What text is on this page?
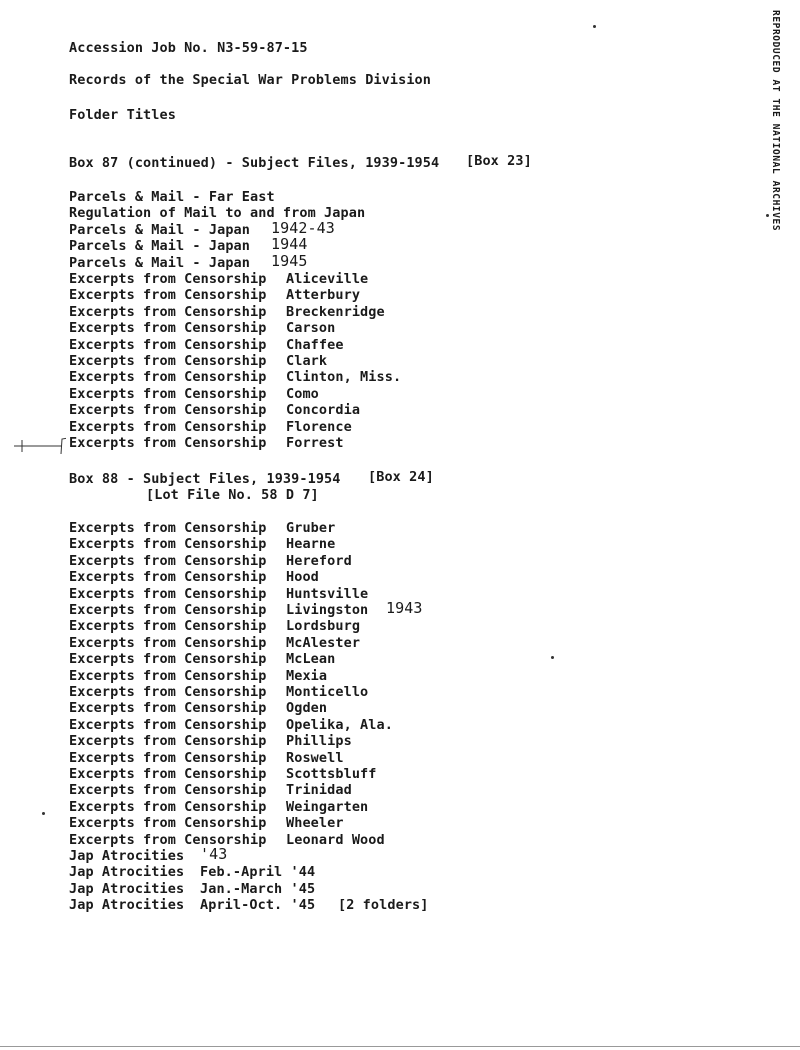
Accession Job No. N3-59-87-15
Records of the Special War Problems Division
Folder Titles
Box 87 (continued) - Subject Files, 1939-1954 [Box 23]
Parcels & Mail - Far East
Regulation of Mail to and from Japan
Parcels & Mail - Japan 1942-43
Parcels & Mail - Japan 1944
Parcels & Mail - Japan 1945
Excerpts from Censorship Aliceville
Excerpts from Censorship Atterbury
Excerpts from Censorship Breckenridge
Excerpts from Censorship Carson
Excerpts from Censorship Chaffee
Excerpts from Censorship Clark
Excerpts from Censorship Clinton, Miss.
Excerpts from Censorship Como
Excerpts from Censorship Concordia
Excerpts from Censorship Florence
Excerpts from Censorship Forrest
Box 88 - Subject Files, 1939-1954 [Box 24]
[Lot File No. 58 D 7]
Excerpts from Censorship Gruber
Excerpts from Censorship Hearne
Excerpts from Censorship Hereford
Excerpts from Censorship Hood
Excerpts from Censorship Huntsville
Excerpts from Censorship Livingston 1943
Excerpts from Censorship Lordsburg
Excerpts from Censorship McAlester
Excerpts from Censorship McLean
Excerpts from Censorship Mexia
Excerpts from Censorship Monticello
Excerpts from Censorship Ogden
Excerpts from Censorship Opelika, Ala.
Excerpts from Censorship Phillips
Excerpts from Censorship Roswell
Excerpts from Censorship Scottsbluff
Excerpts from Censorship Trinidad
Excerpts from Censorship Weingarten
Excerpts from Censorship Wheeler
Excerpts from Censorship Leonard Wood
Jap Atrocities '43
Jap Atrocities Feb.-April '44
Jap Atrocities Jan.-March '45
Jap Atrocities April-Oct. '45 [2 folders]
REPRODUCED AT THE NATIONAL ARCHIVES
